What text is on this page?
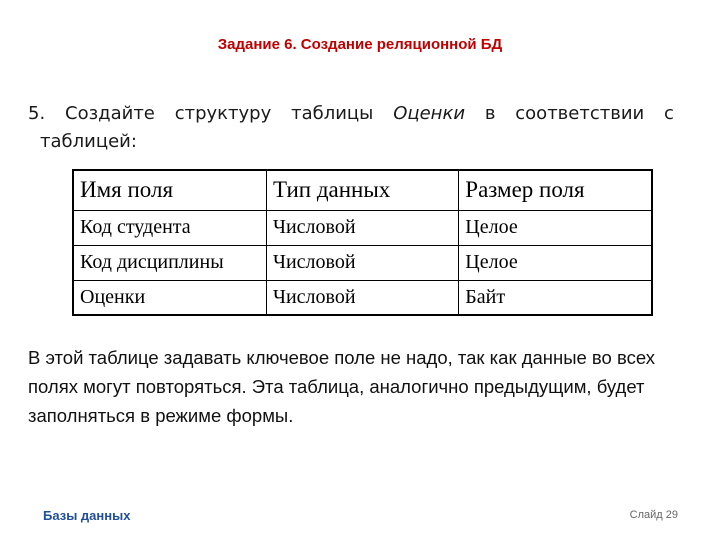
Задание 6. Создание реляционной БД
5. Создайте структуру таблицы Оценки в соответствии с
таблицей:
Имя поля	Тип данных	Размер поля
Код студента	Числовой	Целое
Код дисциплины	Числовой	Целое
Оценки	Числовой	Байт
В этой таблице задавать ключевое поле не надо, так как данные во всех полях могут повторяться. Эта таблица, аналогично предыдущим, будет заполняться в режиме формы.
Базы данных	Слайд 29
